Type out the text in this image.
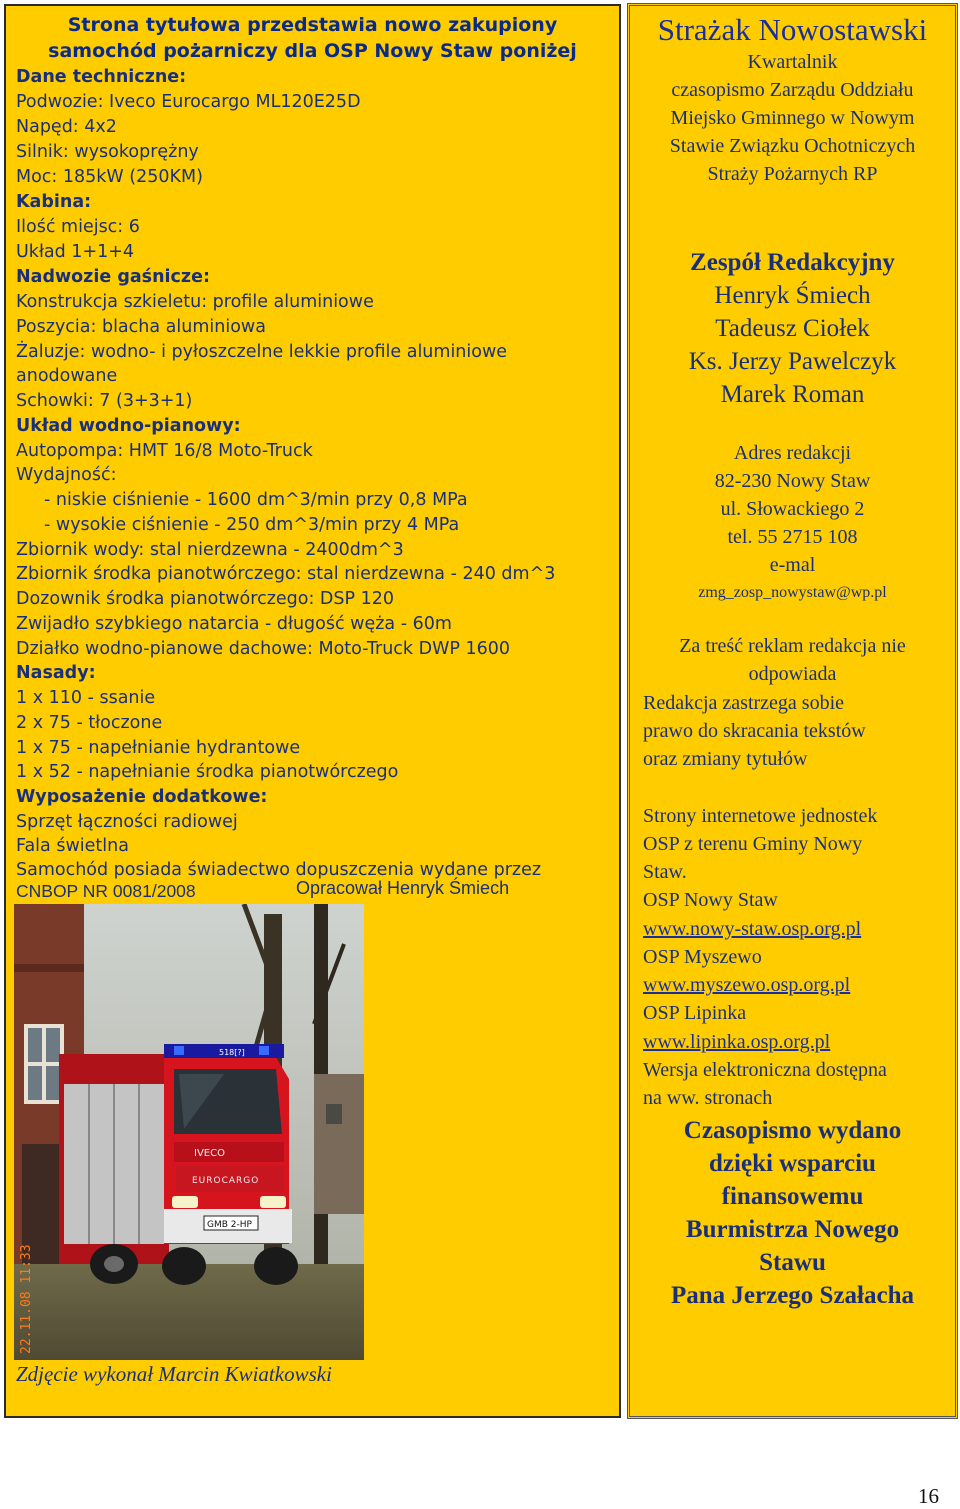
Strona tytułowa przedstawia nowo zakupiony
samochód pożarniczy dla OSP Nowy Staw poniżej
Dane techniczne:
Podwozie: Iveco Eurocargo ML120E25D
Napęd: 4x2
Silnik: wysokoprężny
Moc: 185kW (250KM)
Kabina:
Ilość miejsc: 6
Układ 1+1+4
Nadwozie gaśnicze:
Konstrukcja szkieletu: profile aluminiowe
Poszycia: blacha aluminiowa
Żaluzje: wodno- i pyłoszczelne lekkie profile aluminiowe
anodowane
Schowki: 7 (3+3+1)
Układ wodno-pianowy:
Autopompa: HMT 16/8 Moto-Truck
Wydajność:
- niskie ciśnienie - 1600 dm^3/min przy 0,8 MPa
- wysokie ciśnienie - 250 dm^3/min przy 4 MPa
Zbiornik wody: stal nierdzewna - 2400dm^3
Zbiornik środka pianotwórczego: stal nierdzewna - 240 dm^3
Dozownik środka pianotwórczego: DSP 120
Zwijadło szybkiego natarcia - długość węża - 60m
Działko wodno-pianowe dachowe: Moto-Truck DWP 1600
Nasady:
1 x 110 - ssanie
2 x 75 - tłoczone
1 x 75 - napełnianie hydrantowe
1 x 52 - napełnianie środka pianotwórczego
Wyposażenie dodatkowe:
Sprzęt łączności radiowej
Fala świetlna
Samochód posiada świadectwo dopuszczenia wydane przez
CNBOP NR 0081/2008	Opracował Henryk Śmiech
518[?]
IVECO
EUROCARGO
GMB 2-HP
22.11.08 11:33
Zdjęcie wykonał Marcin Kwiatkowski
Strażak Nowostawski
Kwartalnik
czasopismo Zarządu Oddziału
Miejsko Gminnego w Nowym
Stawie Związku Ochotniczych
Straży Pożarnych RP
Zespół Redakcyjny
Henryk Śmiech
Tadeusz Ciołek
Ks. Jerzy Pawelczyk
Marek Roman
Adres redakcji
82-230 Nowy Staw
ul. Słowackiego 2
tel. 55 2715 108
e-mal
zmg_zosp_nowystaw@wp.pl
Za treść reklam redakcja nie
odpowiada
Redakcja zastrzega sobie
prawo do skracania tekstów
oraz zmiany tytułów
Strony internetowe jednostek
OSP z terenu Gminy Nowy
Staw.
OSP Nowy Staw
www.nowy-staw.osp.org.pl
OSP Myszewo
www.myszewo.osp.org.pl
OSP Lipinka
www.lipinka.osp.org.pl
Wersja elektroniczna dostępna
na ww. stronach
Czasopismo wydano
dzięki wsparciu
finansowemu
Burmistrza Nowego
Stawu
Pana Jerzego Szałacha
16
